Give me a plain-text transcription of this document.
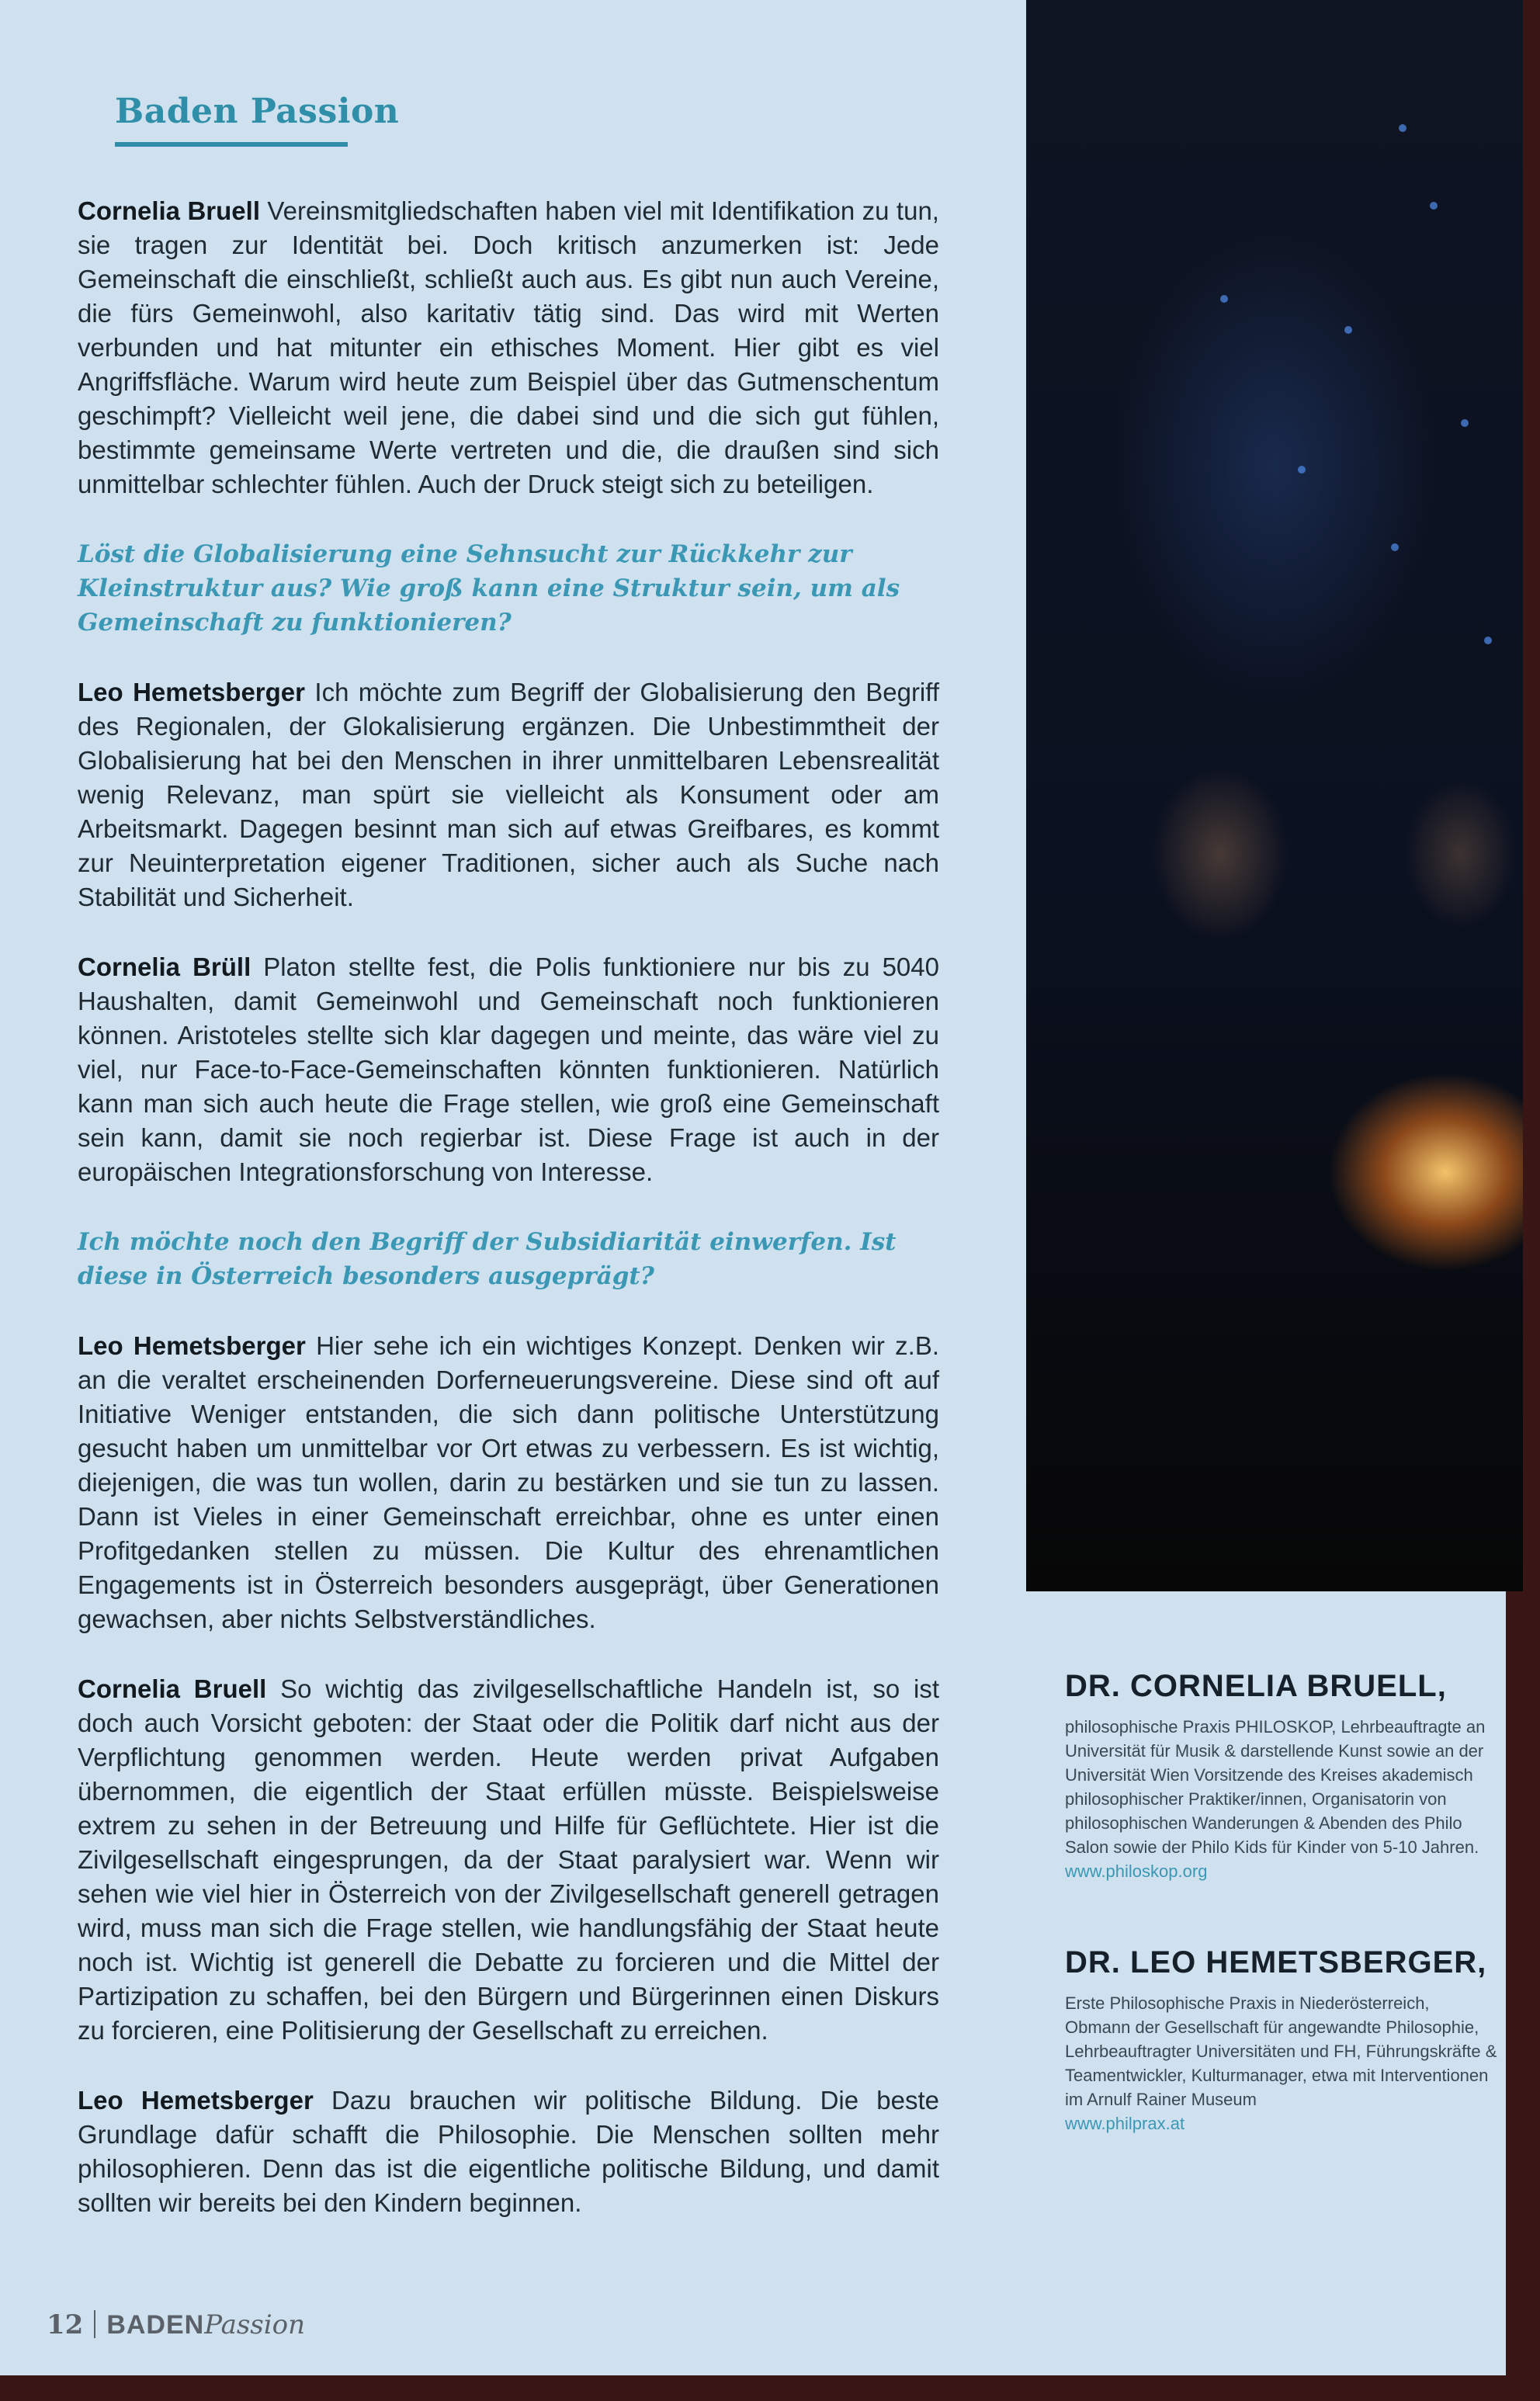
Baden Passion

Cornelia Bruell Vereinsmitgliedschaften haben viel mit Identifikation zu tun, sie tragen zur Identität bei. Doch kritisch anzumerken ist: Jede Gemeinschaft die einschließt, schließt auch aus. Es gibt nun auch Vereine, die fürs Gemeinwohl, also karitativ tätig sind. Das wird mit Werten verbunden und hat mitunter ein ethisches Moment. Hier gibt es viel Angriffsfläche. Warum wird heute zum Beispiel über das Gutmenschentum geschimpft? Vielleicht weil jene, die dabei sind und die sich gut fühlen, bestimmte gemeinsame Werte vertreten und die, die draußen sind sich unmittelbar schlechter fühlen. Auch der Druck steigt sich zu beteiligen.

Löst die Globalisierung eine Sehnsucht zur Rückkehr zur Kleinstruktur aus? Wie groß kann eine Struktur sein, um als Gemeinschaft zu funktionieren?

Leo Hemetsberger Ich möchte zum Begriff der Globalisierung den Begriff des Regionalen, der Glokalisierung ergänzen. Die Unbestimmtheit der Globalisierung hat bei den Menschen in ihrer unmittelbaren Lebensrealität wenig Relevanz, man spürt sie vielleicht als Konsument oder am Arbeitsmarkt. Dagegen besinnt man sich auf etwas Greifbares, es kommt zur Neuinterpretation eigener Traditionen, sicher auch als Suche nach Stabilität und Sicherheit.

Cornelia Brüll Platon stellte fest, die Polis funktioniere nur bis zu 5040 Haushalten, damit Gemeinwohl und Gemeinschaft noch funktionieren können. Aristoteles stellte sich klar dagegen und meinte, das wäre viel zu viel, nur Face-to-Face-Gemeinschaften könnten funktionieren. Natürlich kann man sich auch heute die Frage stellen, wie groß eine Gemeinschaft sein kann, damit sie noch regierbar ist. Diese Frage ist auch in der europäischen Integrationsforschung von Interesse.

Ich möchte noch den Begriff der Subsidiarität einwerfen. Ist diese in Österreich besonders ausgeprägt?

Leo Hemetsberger Hier sehe ich ein wichtiges Konzept. Denken wir z.B. an die veraltet erscheinenden Dorferneuerungsvereine. Diese sind oft auf Initiative Weniger entstanden, die sich dann politische Unterstützung gesucht haben um unmittelbar vor Ort etwas zu verbessern. Es ist wichtig, diejenigen, die was tun wollen, darin zu bestärken und sie tun zu lassen. Dann ist Vieles in einer Gemeinschaft erreichbar, ohne es unter einen Profitgedanken stellen zu müssen. Die Kultur des ehrenamtlichen Engagements ist in Österreich besonders ausgeprägt, über Generationen gewachsen, aber nichts Selbstverständliches.

Cornelia Bruell So wichtig das zivilgesellschaftliche Handeln ist, so ist doch auch Vorsicht geboten: der Staat oder die Politik darf nicht aus der Verpflichtung genommen werden. Heute werden privat Aufgaben übernommen, die eigentlich der Staat erfüllen müsste. Beispielsweise extrem zu sehen in der Betreuung und Hilfe für Geflüchtete. Hier ist die Zivilgesellschaft eingesprungen, da der Staat paralysiert war. Wenn wir sehen wie viel hier in Österreich von der Zivilgesellschaft generell getragen wird, muss man sich die Frage stellen, wie handlungsfähig der Staat heute noch ist. Wichtig ist generell die Debatte zu forcieren und die Mittel der Partizipation zu schaffen, bei den Bürgern und Bürgerinnen einen Diskurs zu forcieren, eine Politisierung der Gesellschaft zu erreichen.

Leo Hemetsberger Dazu brauchen wir politische Bildung. Die beste Grundlage dafür schafft die Philosophie. Die Menschen sollten mehr philosophieren. Denn das ist die eigentliche politische Bildung, und damit sollten wir bereits bei den Kindern beginnen.

DR. CORNELIA BRUELL,

philosophische Praxis PHILOSKOP, Lehrbeauftragte an Universität für Musik & darstellende Kunst sowie an der Universität Wien Vorsitzende des Kreises akademisch philosophischer Praktiker/innen, Organisatorin von philosophischen Wanderungen & Abenden des Philo Salon sowie der Philo Kids für Kinder von 5-10 Jahren.

www.philoskop.org

DR. LEO HEMETSBERGER,

Erste Philosophische Praxis in Niederösterreich, Obmann der Gesellschaft für angewandte Philosophie, Lehrbeauftragter Universitäten und FH, Führungskräfte & Teamentwickler, Kulturmanager, etwa mit Interventionen im Arnulf Rainer Museum

www.philprax.at

12 BADENPassion
